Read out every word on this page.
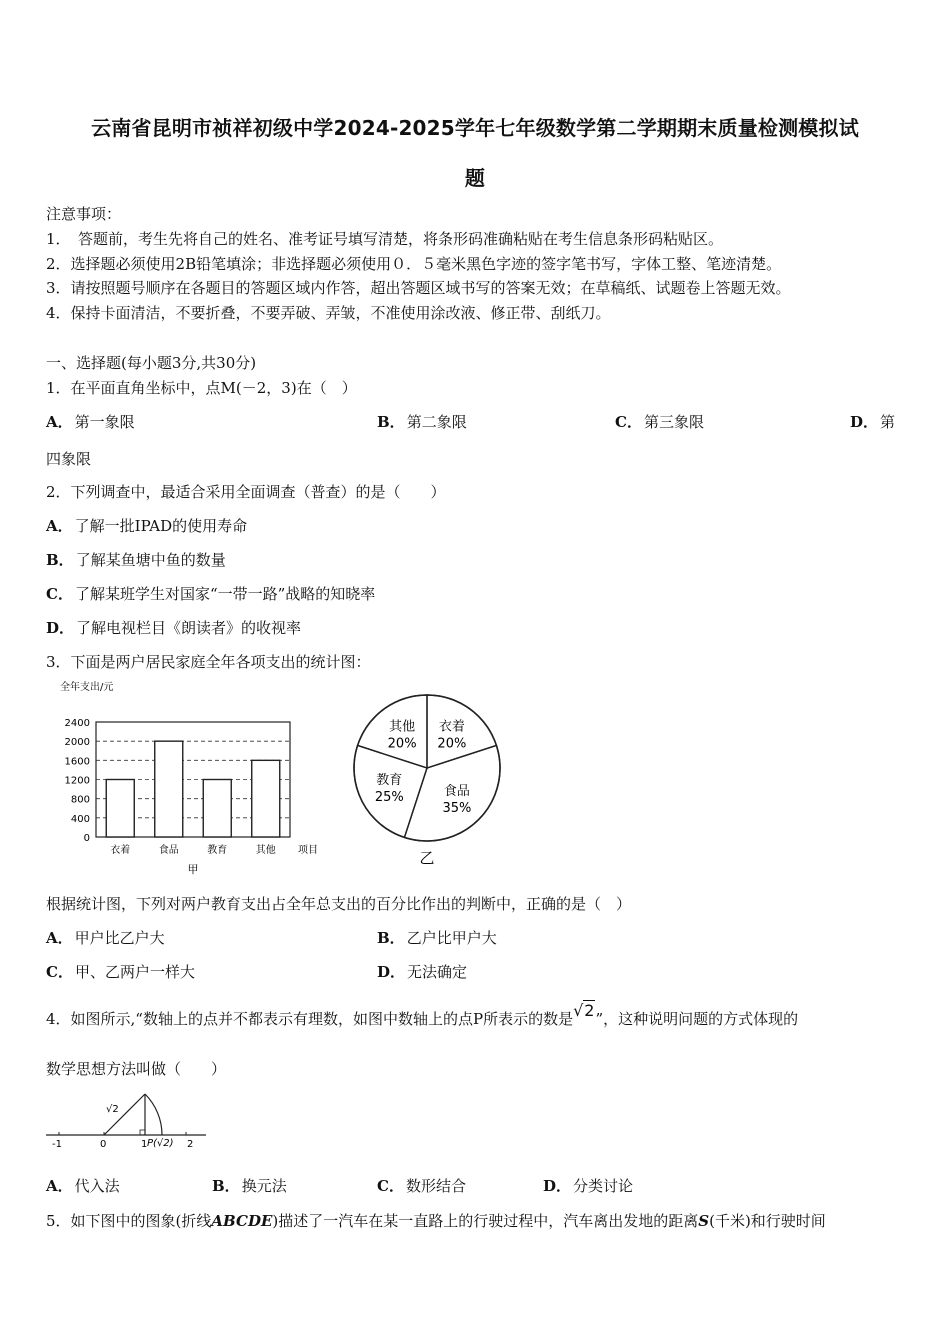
云南省昆明市祯祥初级中学2024-2025学年七年级数学第二学期期末质量检测模拟试
题
注意事项：
1．　答题前，考生先将自己的姓名、准考证号填写清楚，将条形码准确粘贴在考生信息条形码粘贴区。
2．选择题必须使用2B铅笔填涂；非选择题必须使用０．５毫米黑色字迹的签字笔书写，字体工整、笔迹清楚。
3．请按照题号顺序在各题目的答题区域内作答，超出答题区域书写的答案无效；在草稿纸、试题卷上答题无效。
4．保持卡面清洁，不要折叠，不要弄破、弄皱，不准使用涂改液、修正带、刮纸刀。
一、选择题(每小题3分,共30分)
1．在平面直角坐标中，点M(－2，3)在（　）
A． 第一象限	B． 第二象限	C． 第三象限	D． 第
四象限
2．下列调查中，最适合采用全面调查（普查）的是（　　）
A． 了解一批IPAD的使用寿命
B． 了解某鱼塘中鱼的数量
C． 了解某班学生对国家“一带一路”战略的知晓率
D． 了解电视栏目《朗读者》的收视率
3．下面是两户居民家庭全年各项支出的统计图：
全年支出/元
0
400
800
1200
1600
2000
2400
衣着	食品	教育	其他 项目
甲
其他
20%
衣着
20%
食品
35%
教育
25%
乙
根据统计图，下列对两户教育支出占全年总支出的百分比作出的判断中，正确的是（　）
A． 甲户比乙户大	B． 乙户比甲户大
C． 甲、乙两户一样大	D． 无法确定
4．如图所示,“数轴上的点并不都表示有理数，如图中数轴上的点P所表示的数是√2”，这种说明问题的方式体现的
数学思想方法叫做（　　）
-1	0	1	2
√2
P(√2)
A． 代入法	B． 换元法	C． 数形结合	D． 分类讨论
5．如下图中的图象(折线ABCDE)描述了一汽车在某一直路上的行驶过程中，汽车离出发地的距离S(千米)和行驶时间
